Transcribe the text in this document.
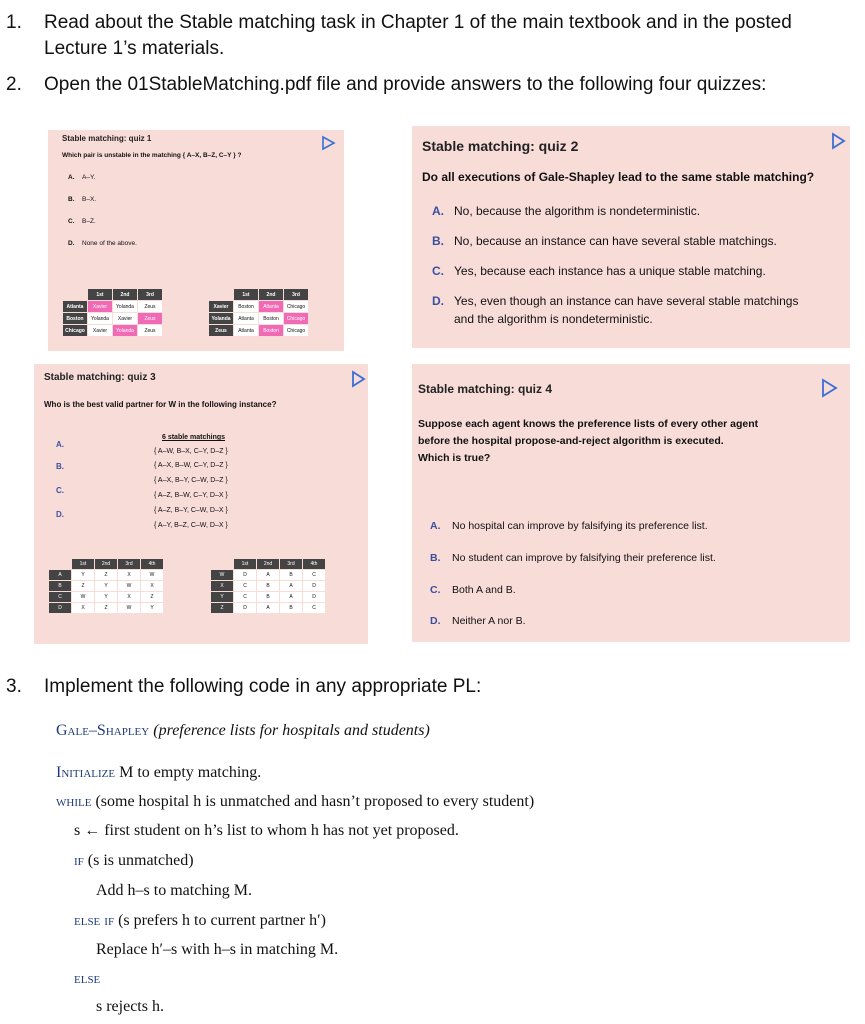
1. Read about the Stable matching task in Chapter 1 of the main textbook and in the posted
Lecture 1’s materials.
2. Open the 01StableMatching.pdf file and provide answers to the following four quizzes:
Stable matching: quiz 1
Which pair is unstable in the matching { A–X, B–Z, C–Y } ?
A. A–Y.
B. B–X.
C. B–Z.
D. None of the above.
	1st	2nd	3rd
Atlanta	Xavier	Yolanda	Zeus
Boston	Yolanda	Xavier	Zeus
Chicago	Xavier	Yolanda	Zeus
	1st	2nd	3rd
Xavier	Boston	Atlanta	Chicago
Yolanda	Atlanta	Boston	Chicago
Zeus	Atlanta	Boston	Chicago
Stable matching: quiz 2
Do all executions of Gale-Shapley lead to the same stable matching?
A. No, because the algorithm is nondeterministic.
B. No, because an instance can have several stable matchings.
C. Yes, because each instance has a unique stable matching.
D. Yes, even though an instance can have several stable matchings
and the algorithm is nondeterministic.
Stable matching: quiz 3
Who is the best valid partner for W in the following instance?
A.
B.
C.
D.
6 stable matchings
{ A–W, B–X, C–Y, D–Z }
{ A–X, B–W, C–Y, D–Z }
{ A–X, B–Y, C–W, D–Z }
{ A–Z, B–W, C–Y, D–X }
{ A–Z, B–Y, C–W, D–X }
{ A–Y, B–Z, C–W, D–X }
	1st	2nd	3rd	4th
A	Y	Z	X	W
B	Z	Y	W	X
C	W	Y	X	Z
D	X	Z	W	Y
	1st	2nd	3rd	4th
W	D	A	B	C
X	C	B	A	D
Y	C	B	A	D
Z	D	A	B	C
Stable matching: quiz 4
Suppose each agent knows the preference lists of every other agent
before the hospital propose-and-reject algorithm is executed.
Which is true?
A. No hospital can improve by falsifying its preference list.
B. No student can improve by falsifying their preference list.
C. Both A and B.
D. Neither A nor B.
3. Implement the following code in any appropriate PL:
Gale–Shapley (preference lists for hospitals and students)
Initialize M to empty matching.
while (some hospital h is unmatched and hasn’t proposed to every student)
s ← first student on h’s list to whom h has not yet proposed.
if (s is unmatched)
Add h–s to matching M.
else if (s prefers h to current partner h′)
Replace h′–s with h–s in matching M.
else
s rejects h.
